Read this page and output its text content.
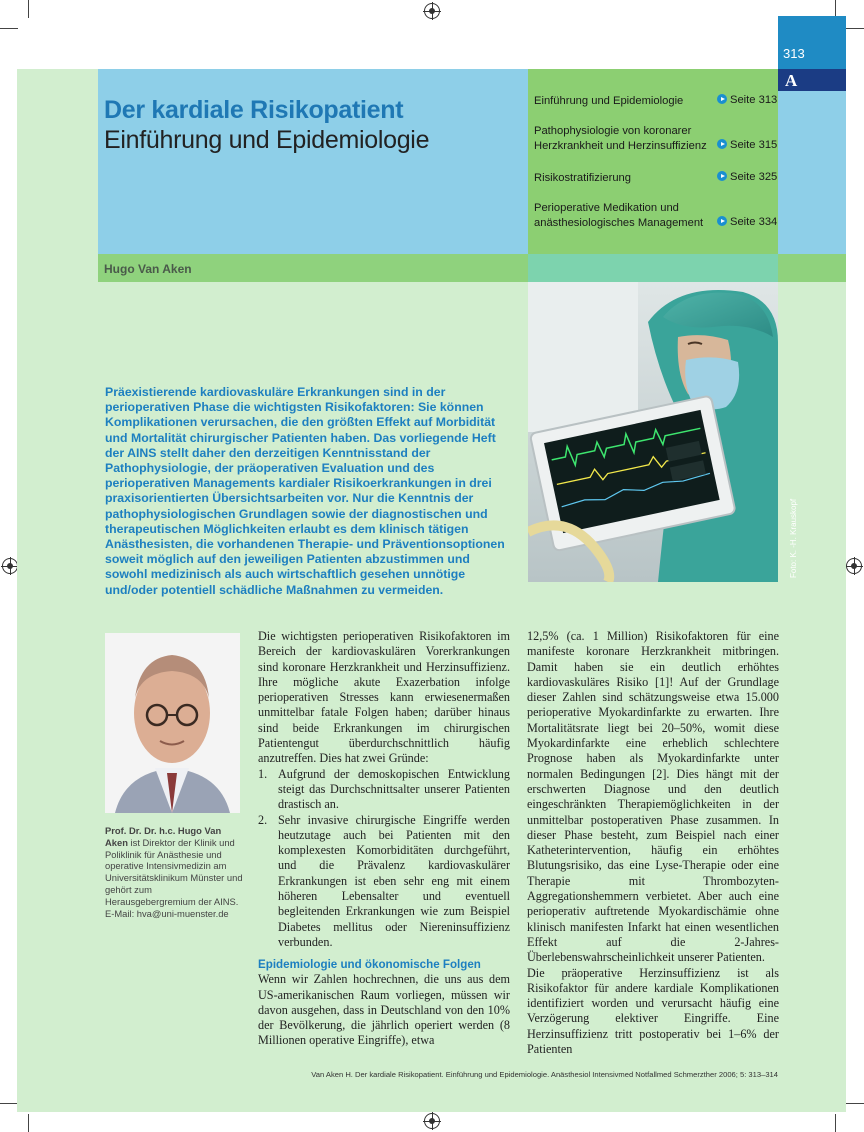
Der kardiale Risikopatient
Einführung und Epidemiologie
Einführung und Epidemiologie	Seite 313
Pathophysiologie von koronarer Herzkrankheit und Herzinsuffizienz	Seite 315
Risikostratifizierung	Seite 325
Perioperative Medikation und anästhesiologisches Management	Seite 334
313
A
Hugo Van Aken
Foto: K. -H. Krauskopf
Präexistierende kardiovaskuläre Erkrankungen sind in der perioperativen Phase die wichtigsten Risikofaktoren: Sie können Komplikationen verursachen, die den größten Effekt auf Morbidität und Mortalität chirurgischer Patienten haben. Das vorliegende Heft der AINS stellt daher den derzeitigen Kenntnisstand der Pathophysiologie, der präoperativen Evaluation und des perioperativen Managements kardialer Risikoerkrankungen in drei praxisorientierten Übersichtsarbeiten vor. Nur die Kenntnis der pathophysiologischen Grundlagen sowie der diagnostischen und therapeutischen Möglichkeiten erlaubt es dem klinisch tätigen Anästhesisten, die vorhandenen Therapie- und Präventionsoptionen soweit möglich auf den jeweiligen Patienten abzustimmen und sowohl medizinisch als auch wirtschaftlich gesehen unnötige und/oder potentiell schädliche Maßnahmen zu vermeiden.
Prof. Dr. Dr. h.c. Hugo Van Aken ist Direktor der Klinik und Poliklinik für Anästhesie und operative Intensivmedizin am Universitätsklinikum Münster und gehört zum Herausgebergremium der AINS. E-Mail: hva@uni-muenster.de

Die wichtigsten perioperativen Risikofaktoren im Bereich der kardiovaskulären Vorerkrankungen sind koronare Herzkrankheit und Herzinsuffizienz. Ihre mögliche akute Exazerbation infolge perioperativen Stresses kann erwiesenermaßen unmittelbar fatale Folgen haben; darüber hinaus sind beide Erkrankungen im chirurgischen Patientengut überdurchschnittlich häufig anzutreffen. Dies hat zwei Gründe:

1. Aufgrund der demoskopischen Entwicklung steigt das Durchschnittsalter unserer Patienten drastisch an.
2. Sehr invasive chirurgische Eingriffe werden heutzutage auch bei Patienten mit den komplexesten Komorbiditäten durchgeführt, und die Prävalenz kardiovaskulärer Erkrankungen ist eben sehr eng mit einem höheren Lebensalter und eventuell begleitenden Erkrankungen wie zum Beispiel Diabetes mellitus oder Niereninsuffizienz verbunden.
Epidemiologie und ökonomische Folgen

Wenn wir Zahlen hochrechnen, die uns aus dem US-amerikanischen Raum vorliegen, müssen wir davon ausgehen, dass in Deutschland von den 10% der Bevölkerung, die jährlich operiert werden (8 Millionen operative Eingriffe), etwa

12,5% (ca. 1 Million) Risikofaktoren für eine manifeste koronare Herzkrankheit mitbringen. Damit haben sie ein deutlich erhöhtes kardiovaskuläres Risiko [1]! Auf der Grundlage dieser Zahlen sind schätzungsweise etwa 15.000 perioperative Myokardinfarkte zu erwarten. Ihre Mortalitätsrate liegt bei 20–50%, womit diese Myokardinfarkte eine erheblich schlechtere Prognose haben als Myokardinfarkte unter normalen Bedingungen [2]. Dies hängt mit der erschwerten Diagnose und den deutlich eingeschränkten Therapiemöglichkeiten in der unmittelbar postoperativen Phase zusammen. In dieser Phase besteht, zum Beispiel nach einer Katheterintervention, häufig ein erhöhtes Blutungsrisiko, das eine Lyse-Therapie oder eine Therapie mit Thrombozyten-Aggregationshemmern verbietet. Aber auch eine perioperativ auftretende Myokardischämie ohne klinisch manifesten Infarkt hat einen wesentlichen Effekt auf die 2-Jahres-Überlebenswahrscheinlichkeit unserer Patienten.

Die präoperative Herzinsuffizienz ist als Risikofaktor für andere kardiale Komplikationen identifiziert worden und verursacht häufig eine Verzögerung elektiver Eingriffe. Eine Herzinsuffizienz tritt postoperativ bei 1–6% der Patienten

Van Aken H. Der kardiale Risikopatient. Einführung und Epidemiologie. Anästhesiol Intensivmed Notfallmed Schmerzther 2006; 5: 313–314
